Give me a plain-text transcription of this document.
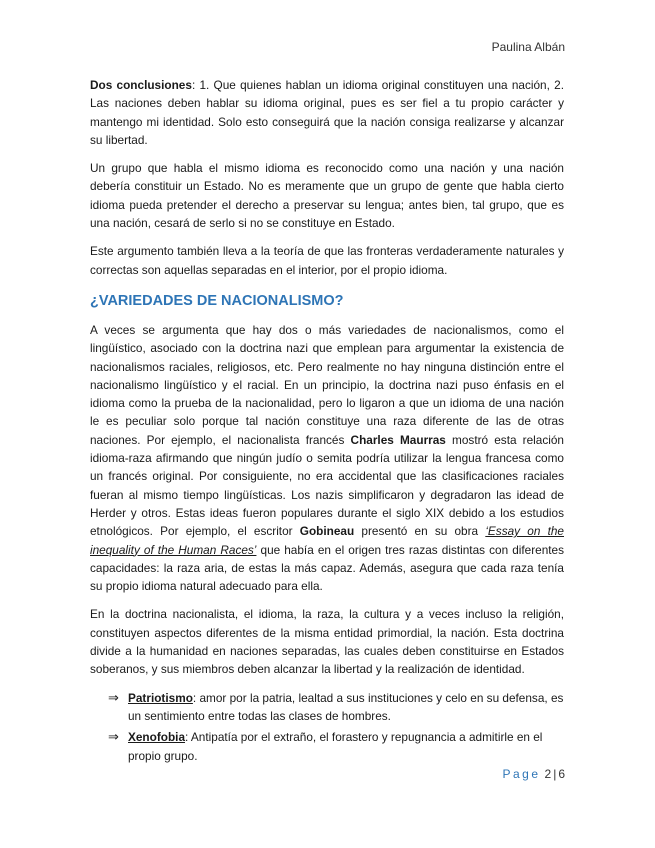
Paulina Albán

Dos conclusiones: 1. Que quienes hablan un idioma original constituyen una nación, 2. Las naciones deben hablar su idioma original, pues es ser fiel a tu propio carácter y mantengo mi identidad. Solo esto conseguirá que la nación consiga realizarse y alcanzar su libertad.

Un grupo que habla el mismo idioma es reconocido como una nación y una nación debería constituir un Estado. No es meramente que un grupo de gente que habla cierto idioma pueda pretender el derecho a preservar su lengua; antes bien, tal grupo, que es una nación, cesará de serlo si no se constituye en Estado.

Este argumento también lleva a la teoría de que las fronteras verdaderamente naturales y correctas son aquellas separadas en el interior, por el propio idioma.

¿VARIEDADES DE NACIONALISMO?

A veces se argumenta que hay dos o más variedades de nacionalismos, como el lingüístico, asociado con la doctrina nazi que emplean para argumentar la existencia de nacionalismos raciales, religiosos, etc. Pero realmente no hay ninguna distinción entre el nacionalismo lingüístico y el racial. En un principio, la doctrina nazi puso énfasis en el idioma como la prueba de la nacionalidad, pero lo ligaron a que un idioma de una nación le es peculiar solo porque tal nación constituye una raza diferente de las de otras naciones. Por ejemplo, el nacionalista francés Charles Maurras mostró esta relación idioma-raza afirmando que ningún judío o semita podría utilizar la lengua francesa como un francés original. Por consiguiente, no era accidental que las clasificaciones raciales fueran al mismo tiempo lingüísticas. Los nazis simplificaron y degradaron las idead de Herder y otros. Estas ideas fueron populares durante el siglo XIX debido a los estudios etnológicos. Por ejemplo, el escritor Gobineau presentó en su obra ‘Essay on the inequality of the Human Races’ que había en el origen tres razas distintas con diferentes capacidades: la raza aria, de estas la más capaz. Además, asegura que cada raza tenía su propio idioma natural adecuado para ella.

En la doctrina nacionalista, el idioma, la raza, la cultura y a veces incluso la religión, constituyen aspectos diferentes de la misma entidad primordial, la nación. Esta doctrina divide a la humanidad en naciones separadas, las cuales deben constituirse en Estados soberanos, y sus miembros deben alcanzar la libertad y la realización de identidad.

⇒ Patriotismo: amor por la patria, lealtad a sus instituciones y celo en su defensa, es un sentimiento entre todas las clases de hombres.
⇒ Xenofobia: Antipatía por el extraño, el forastero y repugnancia a admitirle en el propio grupo.
Page 2 | 6
